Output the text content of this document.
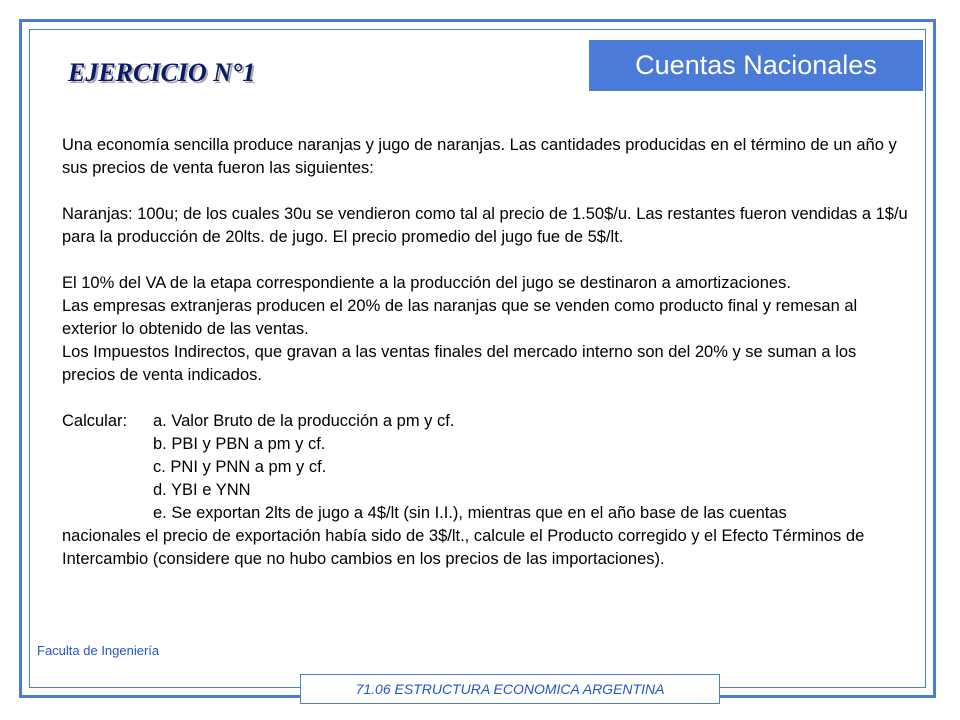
Cuentas Nacionales
EJERCICIO N°1

Una economía sencilla produce naranjas y jugo de naranjas. Las cantidades producidas en el término de un año y sus precios de venta fueron las siguientes:

Naranjas: 100u; de los cuales 30u se vendieron como tal al precio de 1.50$/u. Las restantes fueron vendidas a 1$/u para la producción de 20lts. de jugo. El precio promedio del jugo fue de 5$/lt.

El 10% del VA de la etapa correspondiente a la producción del jugo se destinaron a amortizaciones.

Las empresas extranjeras producen el 20% de las naranjas que se venden como producto final y remesan al exterior lo obtenido de las ventas.

Los Impuestos Indirectos, que gravan a las ventas finales del mercado interno son del 20% y se suman a los precios de venta indicados.

Calcular:	a. Valor Bruto de la producción a pm y cf.

b. PBI y PBN a pm y cf.

c. PNI y PNN a pm y cf.

d. YBI e YNN

e. Se exportan 2lts de jugo a 4$/lt (sin I.I.), mientras que en el año base de las cuentas

nacionales el precio de exportación había sido de 3$/lt., calcule el Producto corregido y el Efecto Términos de Intercambio (considere que no hubo cambios en los precios de las importaciones).

Faculta de Ingeniería
71.06 ESTRUCTURA ECONOMICA ARGENTINA
